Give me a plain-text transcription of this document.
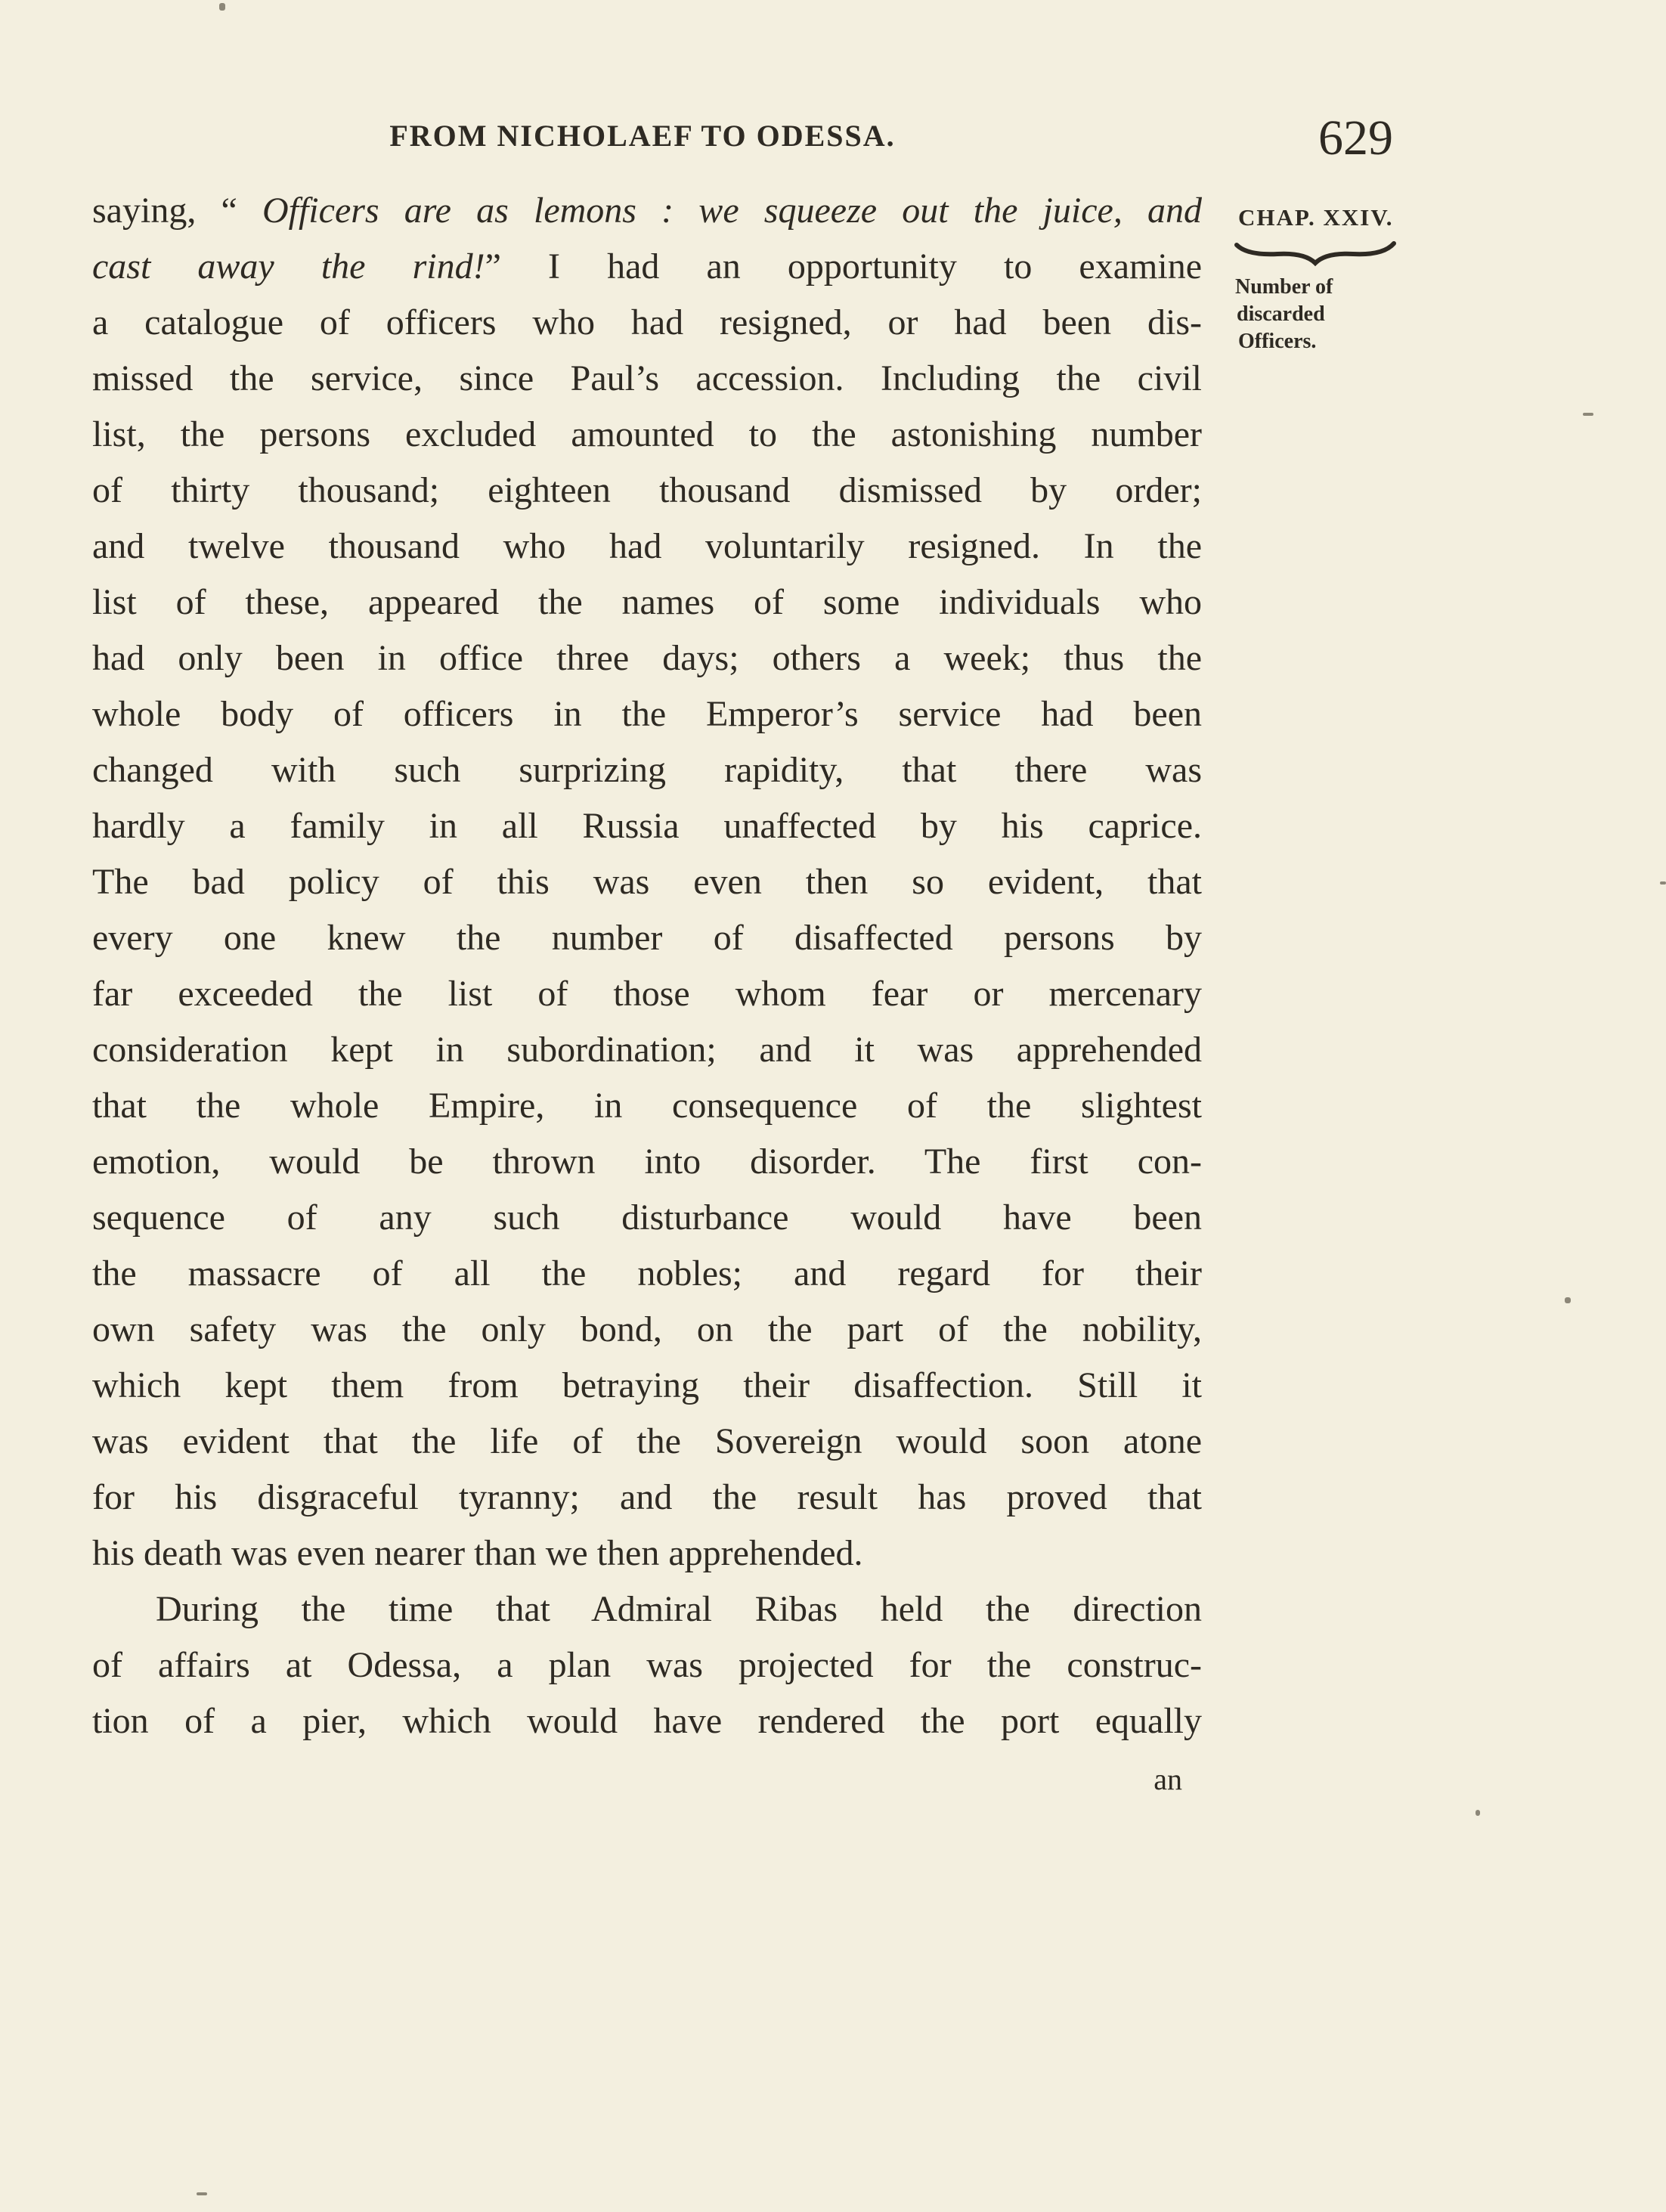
FROM NICHOLAEF TO ODESSA.	629
CHAP. XXIV.
Number of
discarded
Officers.
saying, “ Officers are as lemons : we squeeze out the juice, and
cast away the rind!” I had an opportunity to examine
a catalogue of officers who had resigned, or had been dis-
missed the service, since Paul’s accession. Including the civil
list, the persons excluded amounted to the astonishing number
of thirty thousand; eighteen thousand dismissed by order;
and twelve thousand who had voluntarily resigned. In the
list of these, appeared the names of some individuals who
had only been in office three days; others a week; thus the
whole body of officers in the Emperor’s service had been
changed with such surprizing rapidity, that there was
hardly a family in all Russia unaffected by his caprice.
The bad policy of this was even then so evident, that
every one knew the number of disaffected persons by
far exceeded the list of those whom fear or mercenary
consideration kept in subordination; and it was apprehended
that the whole Empire, in consequence of the slightest
emotion, would be thrown into disorder. The first con-
sequence of any such disturbance would have been
the massacre of all the nobles; and regard for their
own safety was the only bond, on the part of the nobility,
which kept them from betraying their disaffection. Still it
was evident that the life of the Sovereign would soon atone
for his disgraceful tyranny; and the result has proved that
his death was even nearer than we then apprehended.
During the time that Admiral Ribas held the direction
of affairs at Odessa, a plan was projected for the construc-
tion of a pier, which would have rendered the port equally
an
